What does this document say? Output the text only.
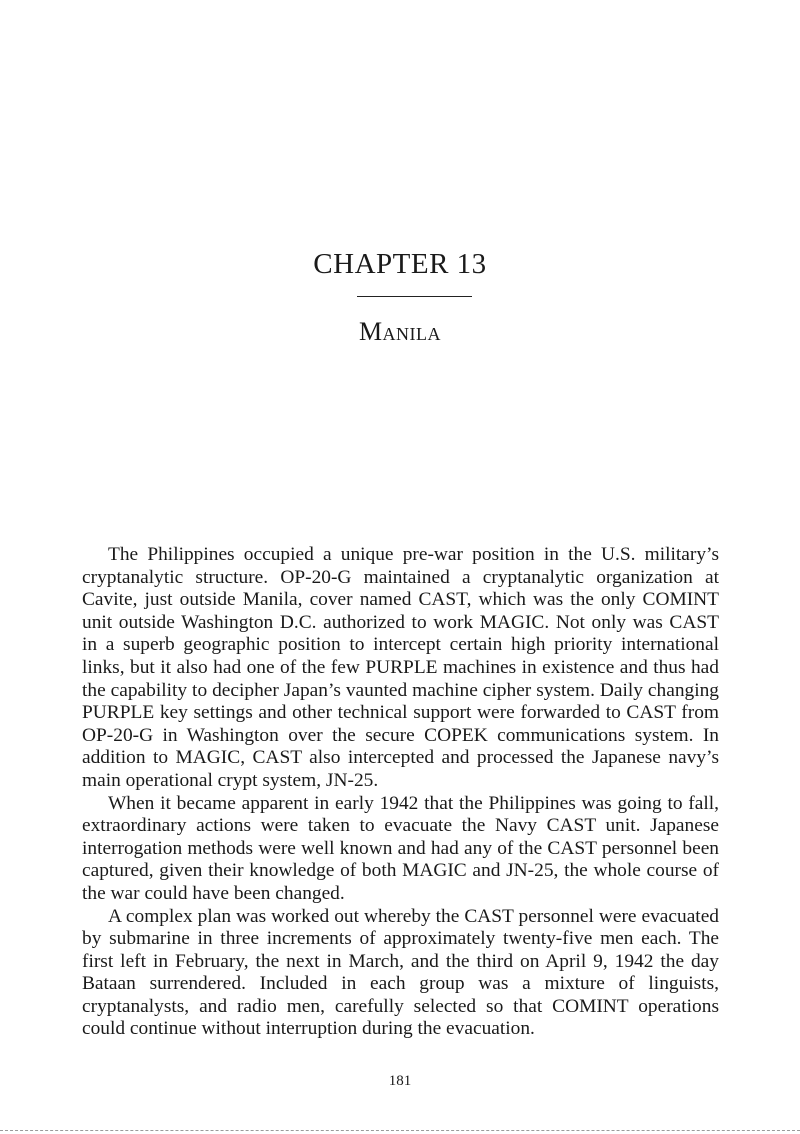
CHAPTER 13
Manila

The Philippines occupied a unique pre-war position in the U.S. military’s cryptanalytic structure. OP-20-G maintained a cryptanalytic organization at Cavite, just outside Manila, cover named CAST, which was the only COMINT unit outside Washington D.C. authorized to work MAGIC. Not only was CAST in a superb geographic position to intercept certain high priority international links, but it also had one of the few PURPLE machines in existence and thus had the capability to decipher Japan’s vaunted machine cipher system. Daily changing PURPLE key settings and other technical support were forwarded to CAST from OP-20-G in Washington over the secure COPEK communications system. In addition to MAGIC, CAST also intercepted and processed the Japanese navy’s main operational crypt system, JN-25.

When it became apparent in early 1942 that the Philippines was going to fall, extraordinary actions were taken to evacuate the Navy CAST unit. Japanese interrogation methods were well known and had any of the CAST personnel been captured, given their knowledge of both MAGIC and JN-25, the whole course of the war could have been changed.

A complex plan was worked out whereby the CAST personnel were evacuated by submarine in three increments of approximately twenty-five men each. The first left in February, the next in March, and the third on April 9, 1942 the day Bataan surrendered. Included in each group was a mixture of linguists, cryptanalysts, and radio men, carefully selected so that COMINT operations could continue without interruption during the evacuation.

181
